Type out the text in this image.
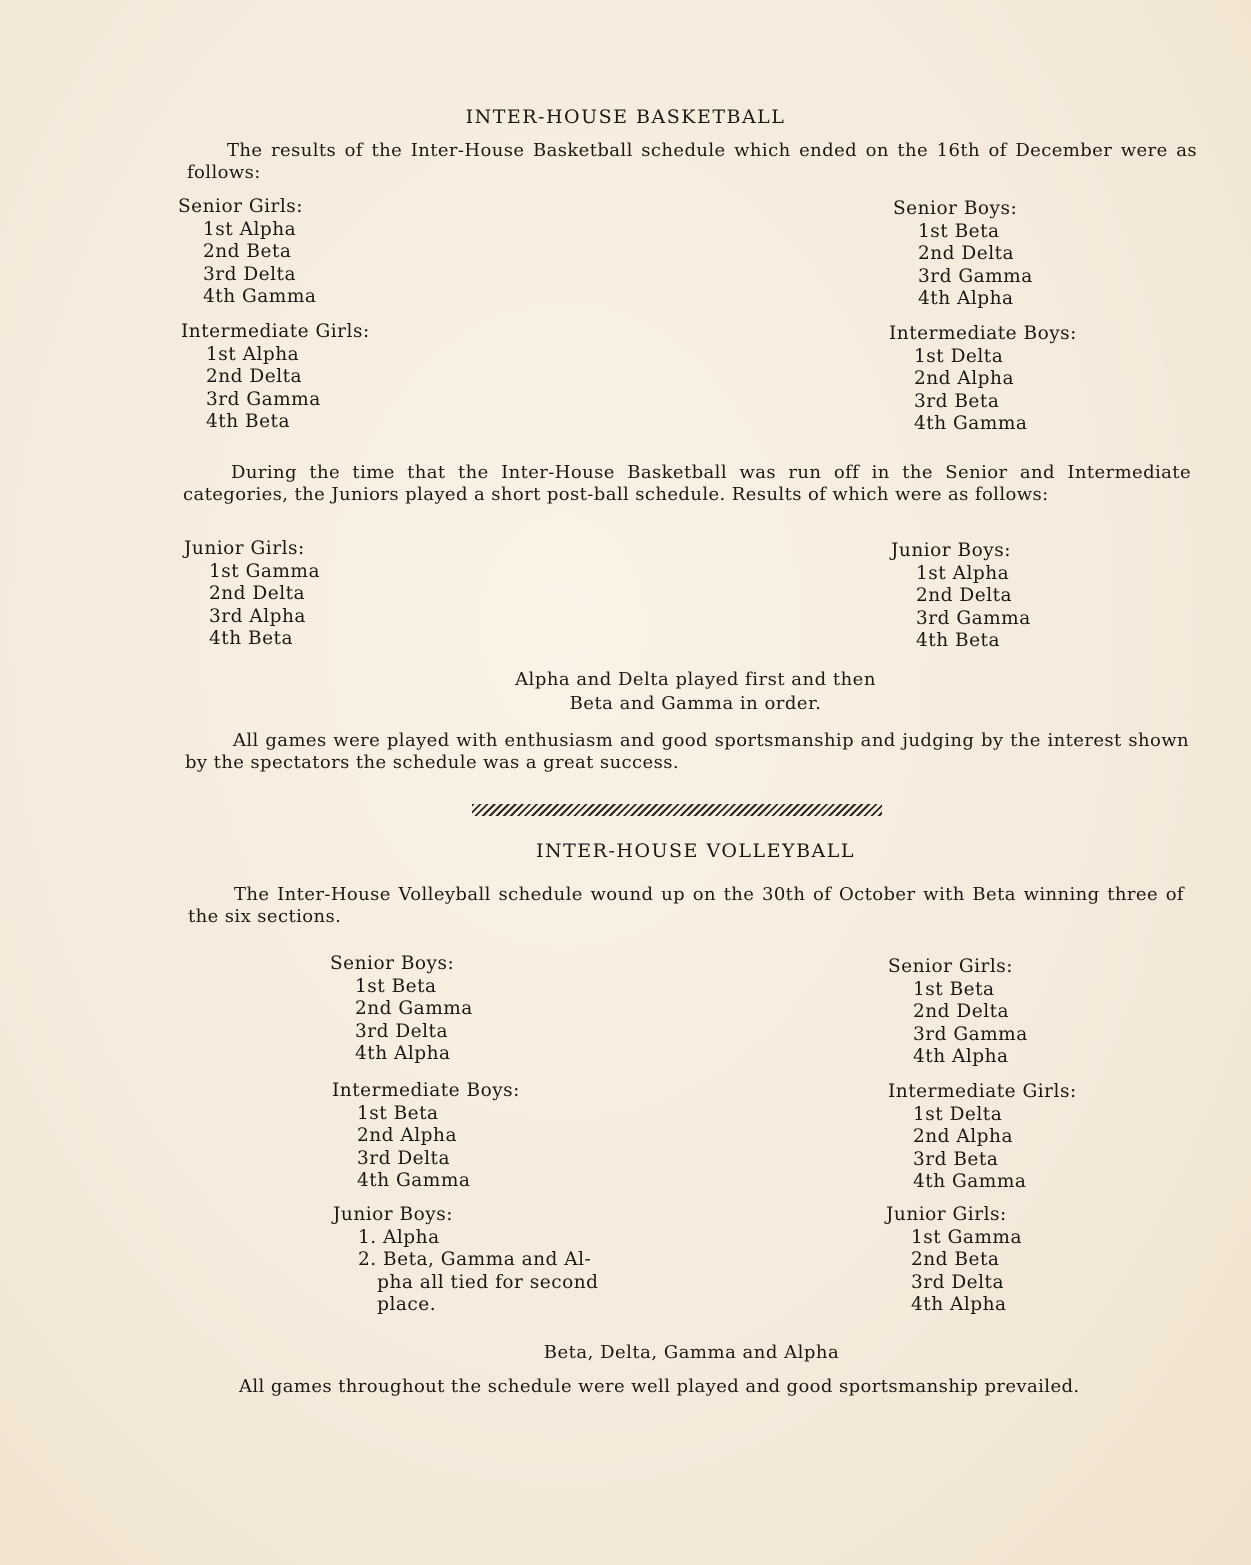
INTER-HOUSE BASKETBALL
The results of the Inter-House Basketball schedule which ended on the 16th of December were as follows:
Senior Girls:
1st Alpha
2nd Beta
3rd Delta
4th Gamma
Senior Boys:
1st Beta
2nd Delta
3rd Gamma
4th Alpha
Intermediate Girls:
1st Alpha
2nd Delta
3rd Gamma
4th Beta
Intermediate Boys:
1st Delta
2nd Alpha
3rd Beta
4th Gamma
During the time that the Inter-House Basketball was run off in the Senior and Intermediate categories, the Juniors played a short post-ball schedule. Results of which were as follows:
Junior Girls:
1st Gamma
2nd Delta
3rd Alpha
4th Beta
Junior Boys:
1st Alpha
2nd Delta
3rd Gamma
4th Beta
Alpha and Delta played first and then
Beta and Gamma in order.
All games were played with enthusiasm and good sportsmanship and judging by the interest shown by the spectators the schedule was a great success.
INTER-HOUSE VOLLEYBALL
The Inter-House Volleyball schedule wound up on the 30th of October with Beta winning three of the six sections.
Senior Boys:
1st Beta
2nd Gamma
3rd Delta
4th Alpha
Senior Girls:
1st Beta
2nd Delta
3rd Gamma
4th Alpha
Intermediate Boys:
1st Beta
2nd Alpha
3rd Delta
4th Gamma
Intermediate Girls:
1st Delta
2nd Alpha
3rd Beta
4th Gamma
Junior Boys:
1. Alpha
2. Beta, Gamma and Al-
pha all tied for second
place.
Junior Girls:
1st Gamma
2nd Beta
3rd Delta
4th Alpha
Beta, Delta, Gamma and Alpha
All games throughout the schedule were well played and good sportsmanship prevailed.
